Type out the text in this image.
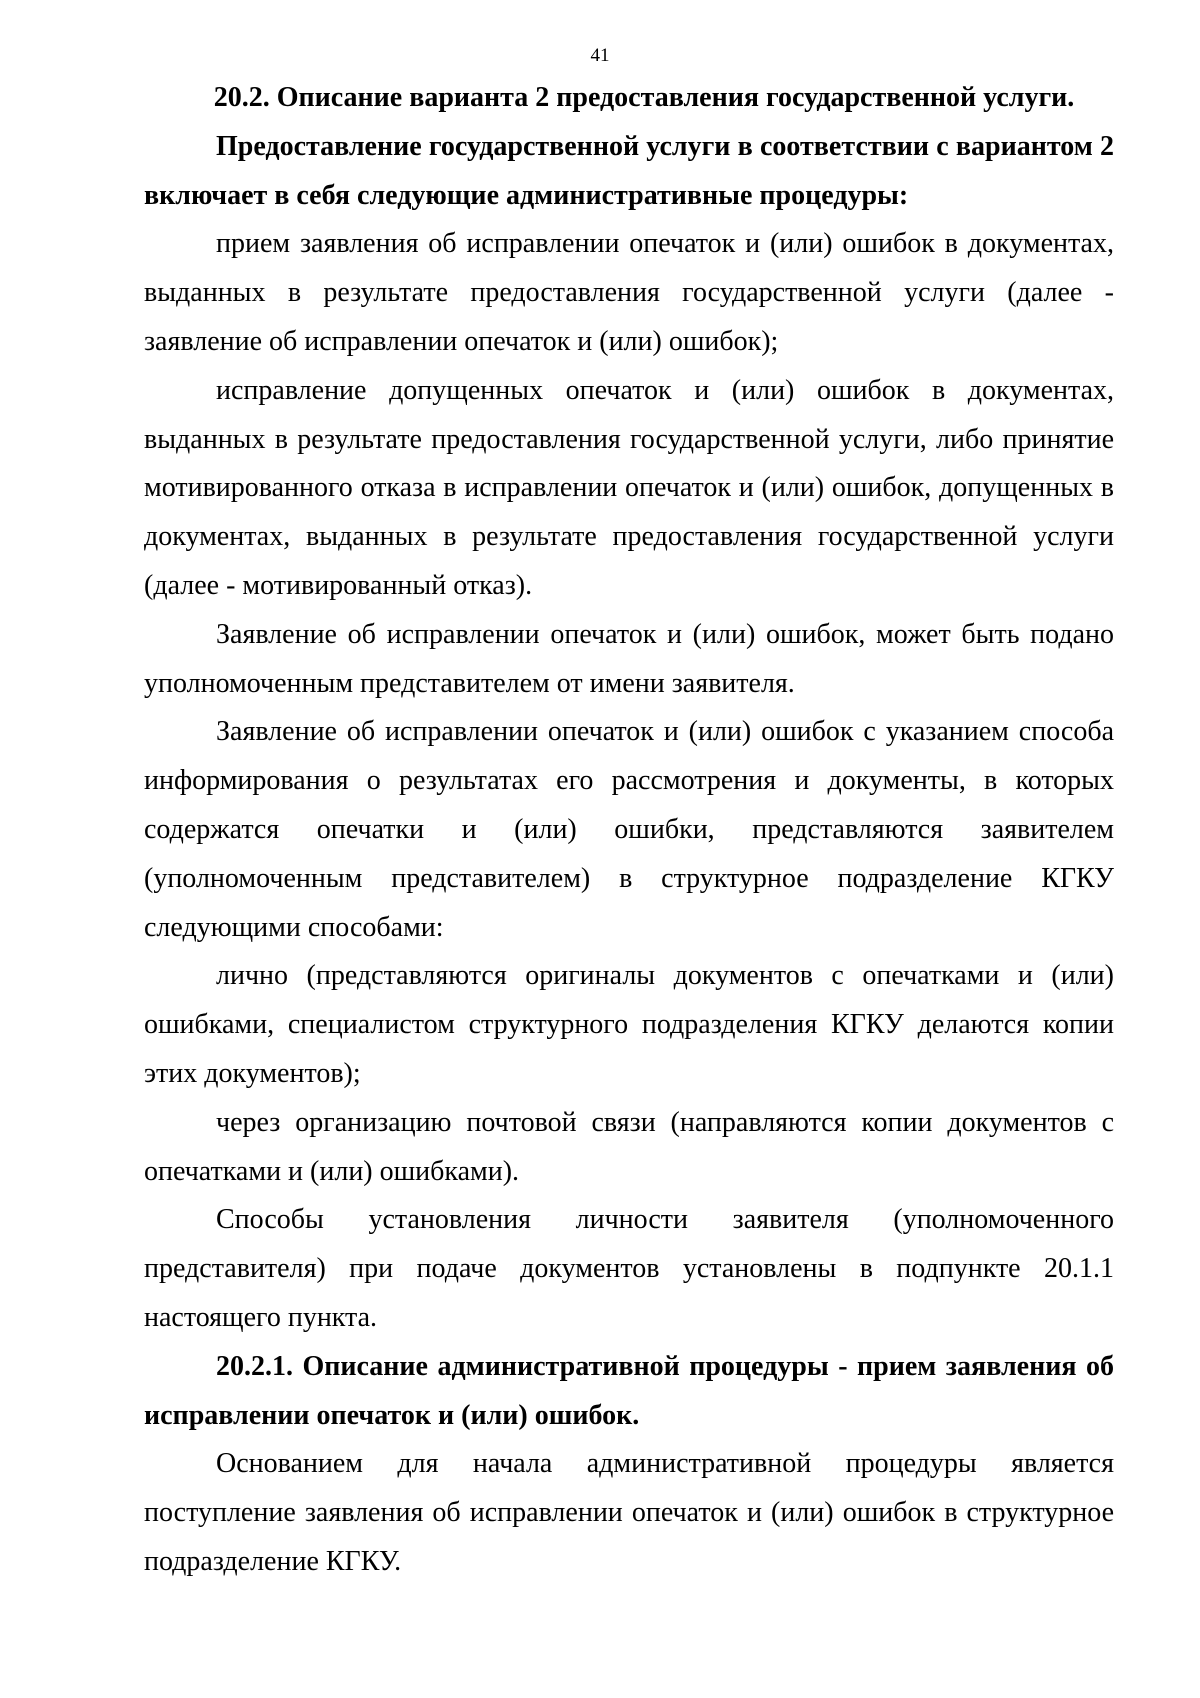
41

20.2. Описание варианта 2 предоставления государственной услуги.

Предоставление государственной услуги в соответствии с вариантом 2 включает в себя следующие административные процедуры:

прием заявления об исправлении опечаток и (или) ошибок в документах, выданных в результате предоставления государственной услуги (далее - заявление об исправлении опечаток и (или) ошибок);

исправление допущенных опечаток и (или) ошибок в документах, выданных в результате предоставления государственной услуги, либо принятие мотивированного отказа в исправлении опечаток и (или) ошибок, допущенных в документах, выданных в результате предоставления государственной услуги (далее - мотивированный отказ).

Заявление об исправлении опечаток и (или) ошибок, может быть подано уполномоченным представителем от имени заявителя.

Заявление об исправлении опечаток и (или) ошибок с указанием способа информирования о результатах его рассмотрения и документы, в которых содержатся опечатки и (или) ошибки, представляются заявителем (уполномоченным представителем) в структурное подразделение КГКУ следующими способами:

лично (представляются оригиналы документов с опечатками и (или) ошибками, специалистом структурного подразделения КГКУ делаются копии этих документов);

через организацию почтовой связи (направляются копии документов с опечатками и (или) ошибками).

Способы установления личности заявителя (уполномоченного представителя) при подаче документов установлены в подпункте 20.1.1 настоящего пункта.

20.2.1. Описание административной процедуры - прием заявления об исправлении опечаток и (или) ошибок.

Основанием для начала административной процедуры является поступление заявления об исправлении опечаток и (или) ошибок в структурное подразделение КГКУ.
